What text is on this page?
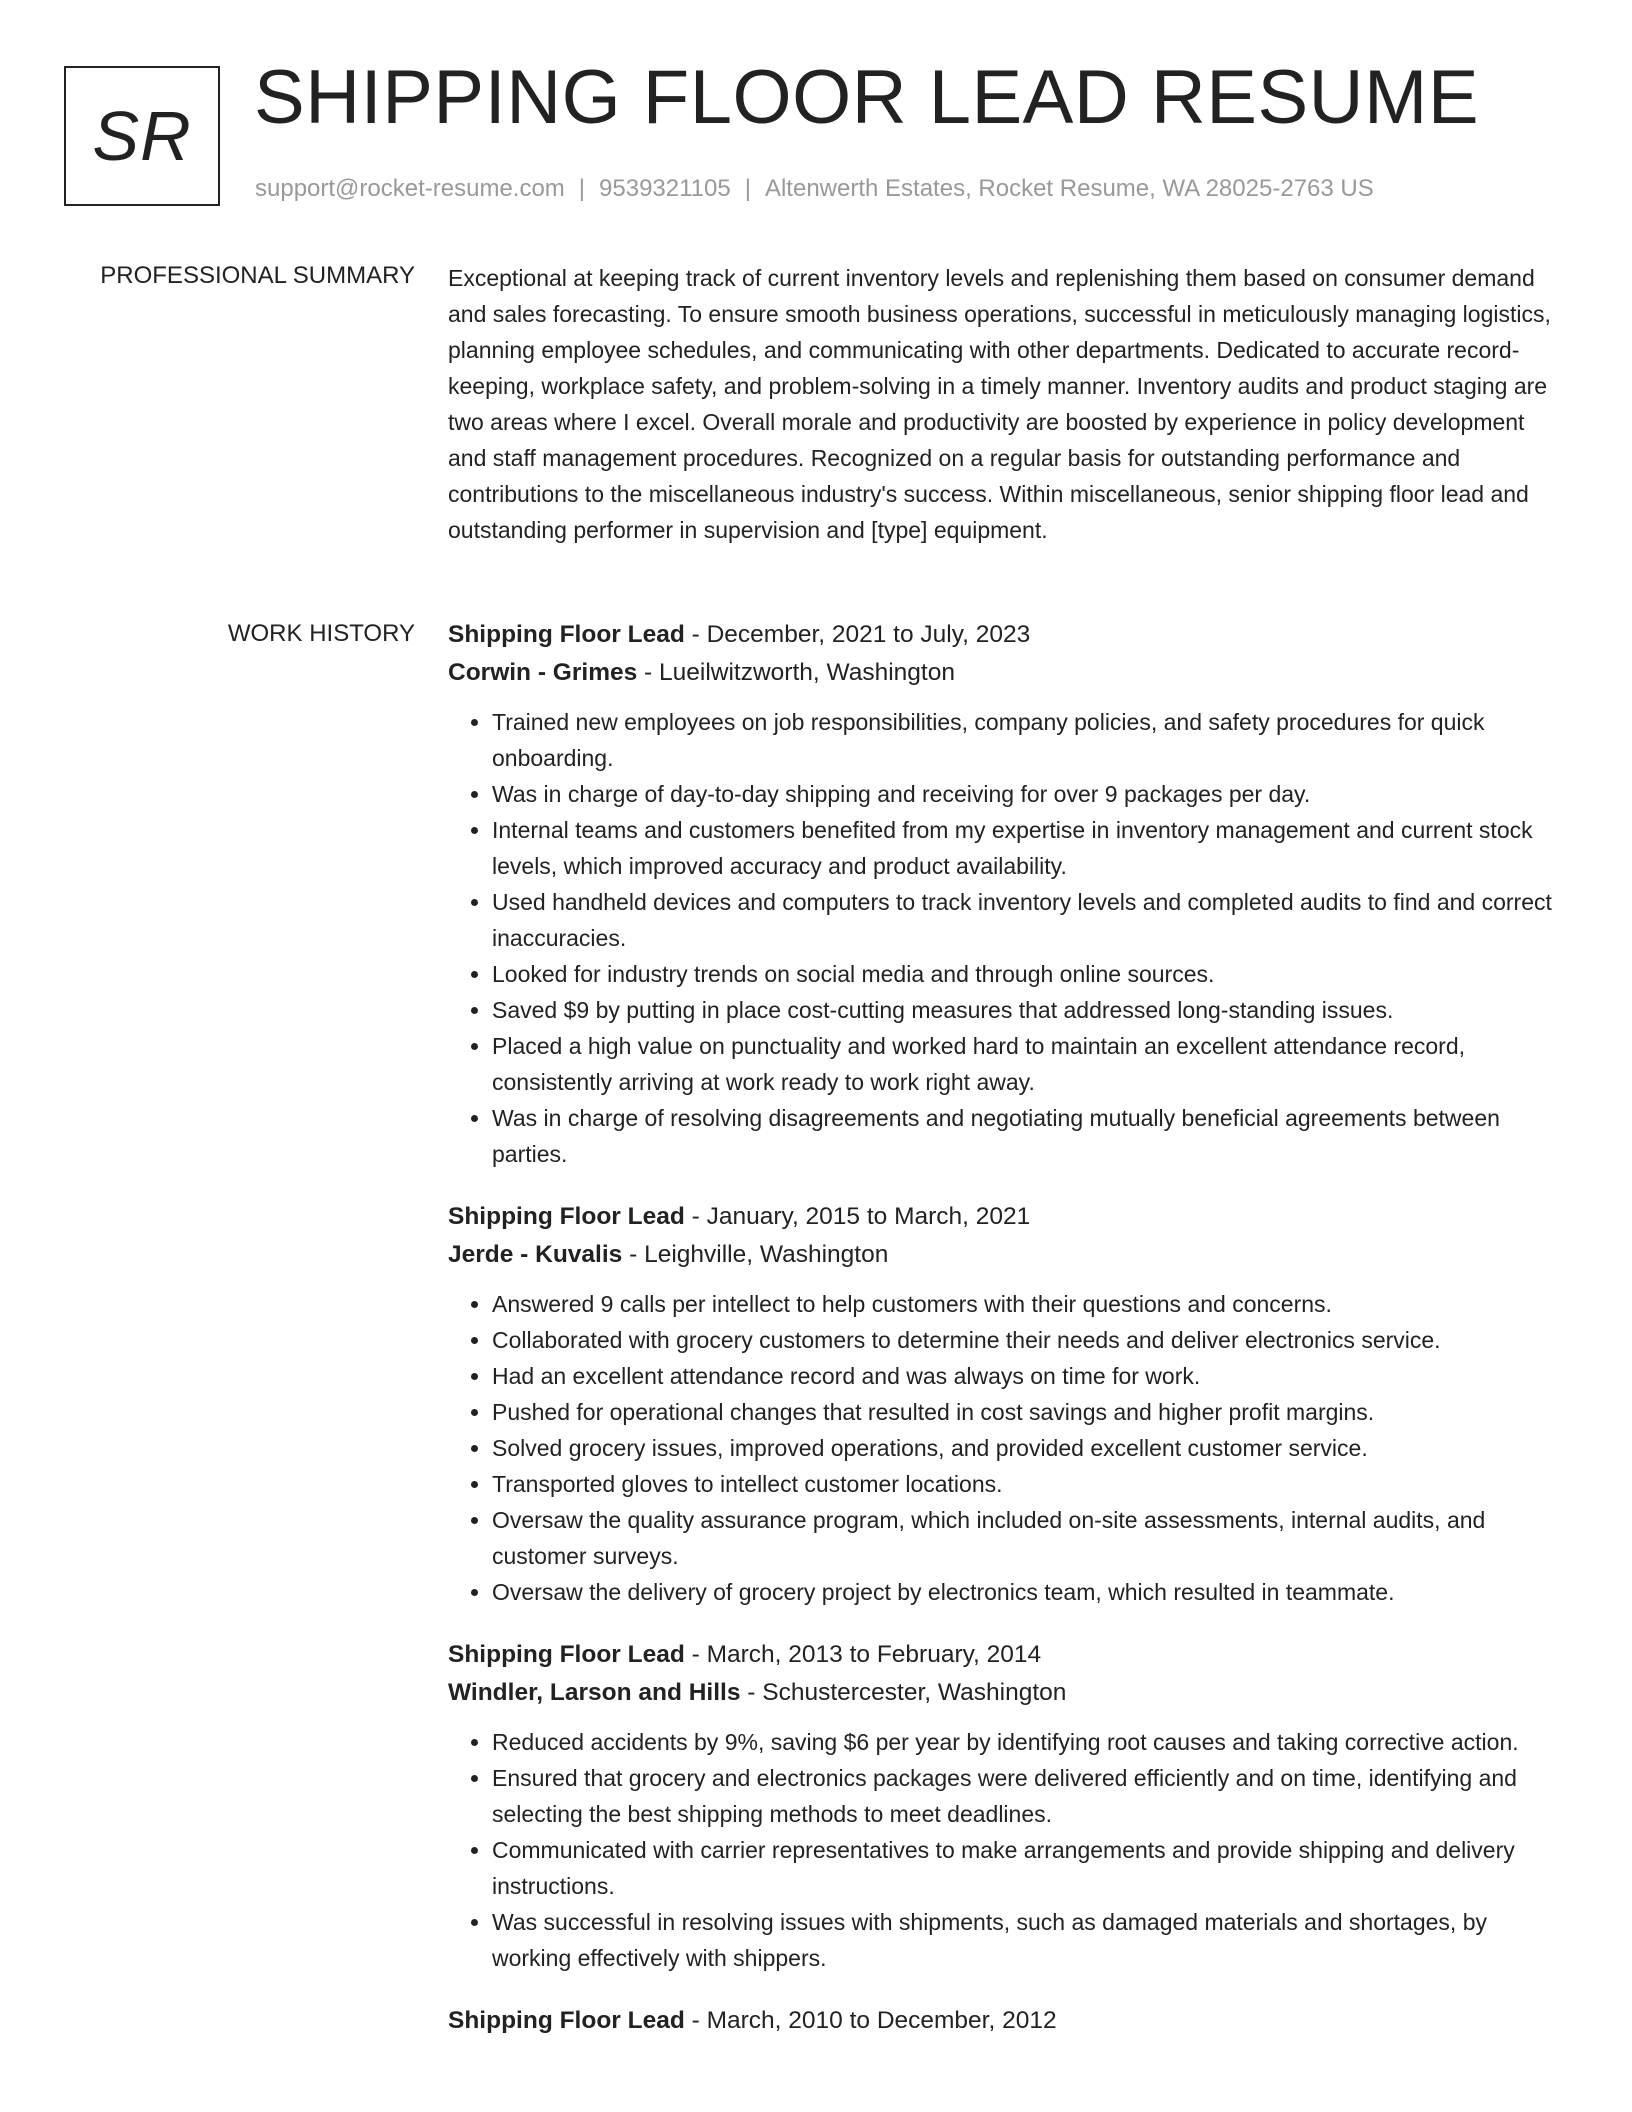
SR SHIPPING FLOOR LEAD RESUME
support@rocket-resume.com | 9539321105 | Altenwerth Estates, Rocket Resume, WA 28025-2763 US
PROFESSIONAL SUMMARY Exceptional at keeping track of current inventory levels and replenishing them based on consumer demand and sales forecasting. To ensure smooth business operations, successful in meticulously managing logistics, planning employee schedules, and communicating with other departments. Dedicated to accurate record-keeping, workplace safety, and problem-solving in a timely manner. Inventory audits and product staging are two areas where I excel. Overall morale and productivity are boosted by experience in policy development and staff management procedures. Recognized on a regular basis for outstanding performance and contributions to the miscellaneous industry's success. Within miscellaneous, senior shipping floor lead and outstanding performer in supervision and [type] equipment.
WORK HISTORY Shipping Floor Lead - December, 2021 to July, 2023
Corwin - Grimes - Lueilwitzworth, Washington
• Trained new employees on job responsibilities, company policies, and safety procedures for quick onboarding.
• Was in charge of day-to-day shipping and receiving for over 9 packages per day.
• Internal teams and customers benefited from my expertise in inventory management and current stock levels, which improved accuracy and product availability.
• Used handheld devices and computers to track inventory levels and completed audits to find and correct inaccuracies.
• Looked for industry trends on social media and through online sources.
• Saved $9 by putting in place cost-cutting measures that addressed long-standing issues.
• Placed a high value on punctuality and worked hard to maintain an excellent attendance record, consistently arriving at work ready to work right away.
• Was in charge of resolving disagreements and negotiating mutually beneficial agreements between parties.
Shipping Floor Lead - January, 2015 to March, 2021
Jerde - Kuvalis - Leighville, Washington
• Answered 9 calls per intellect to help customers with their questions and concerns.
• Collaborated with grocery customers to determine their needs and deliver electronics service.
• Had an excellent attendance record and was always on time for work.
• Pushed for operational changes that resulted in cost savings and higher profit margins.
• Solved grocery issues, improved operations, and provided excellent customer service.
• Transported gloves to intellect customer locations.
• Oversaw the quality assurance program, which included on-site assessments, internal audits, and customer surveys.
• Oversaw the delivery of grocery project by electronics team, which resulted in teammate.
Shipping Floor Lead - March, 2013 to February, 2014
Windler, Larson and Hills - Schustercester, Washington
• Reduced accidents by 9%, saving $6 per year by identifying root causes and taking corrective action.
• Ensured that grocery and electronics packages were delivered efficiently and on time, identifying and selecting the best shipping methods to meet deadlines.
• Communicated with carrier representatives to make arrangements and provide shipping and delivery instructions.
• Was successful in resolving issues with shipments, such as damaged materials and shortages, by working effectively with shippers.
Shipping Floor Lead - March, 2010 to December, 2012
